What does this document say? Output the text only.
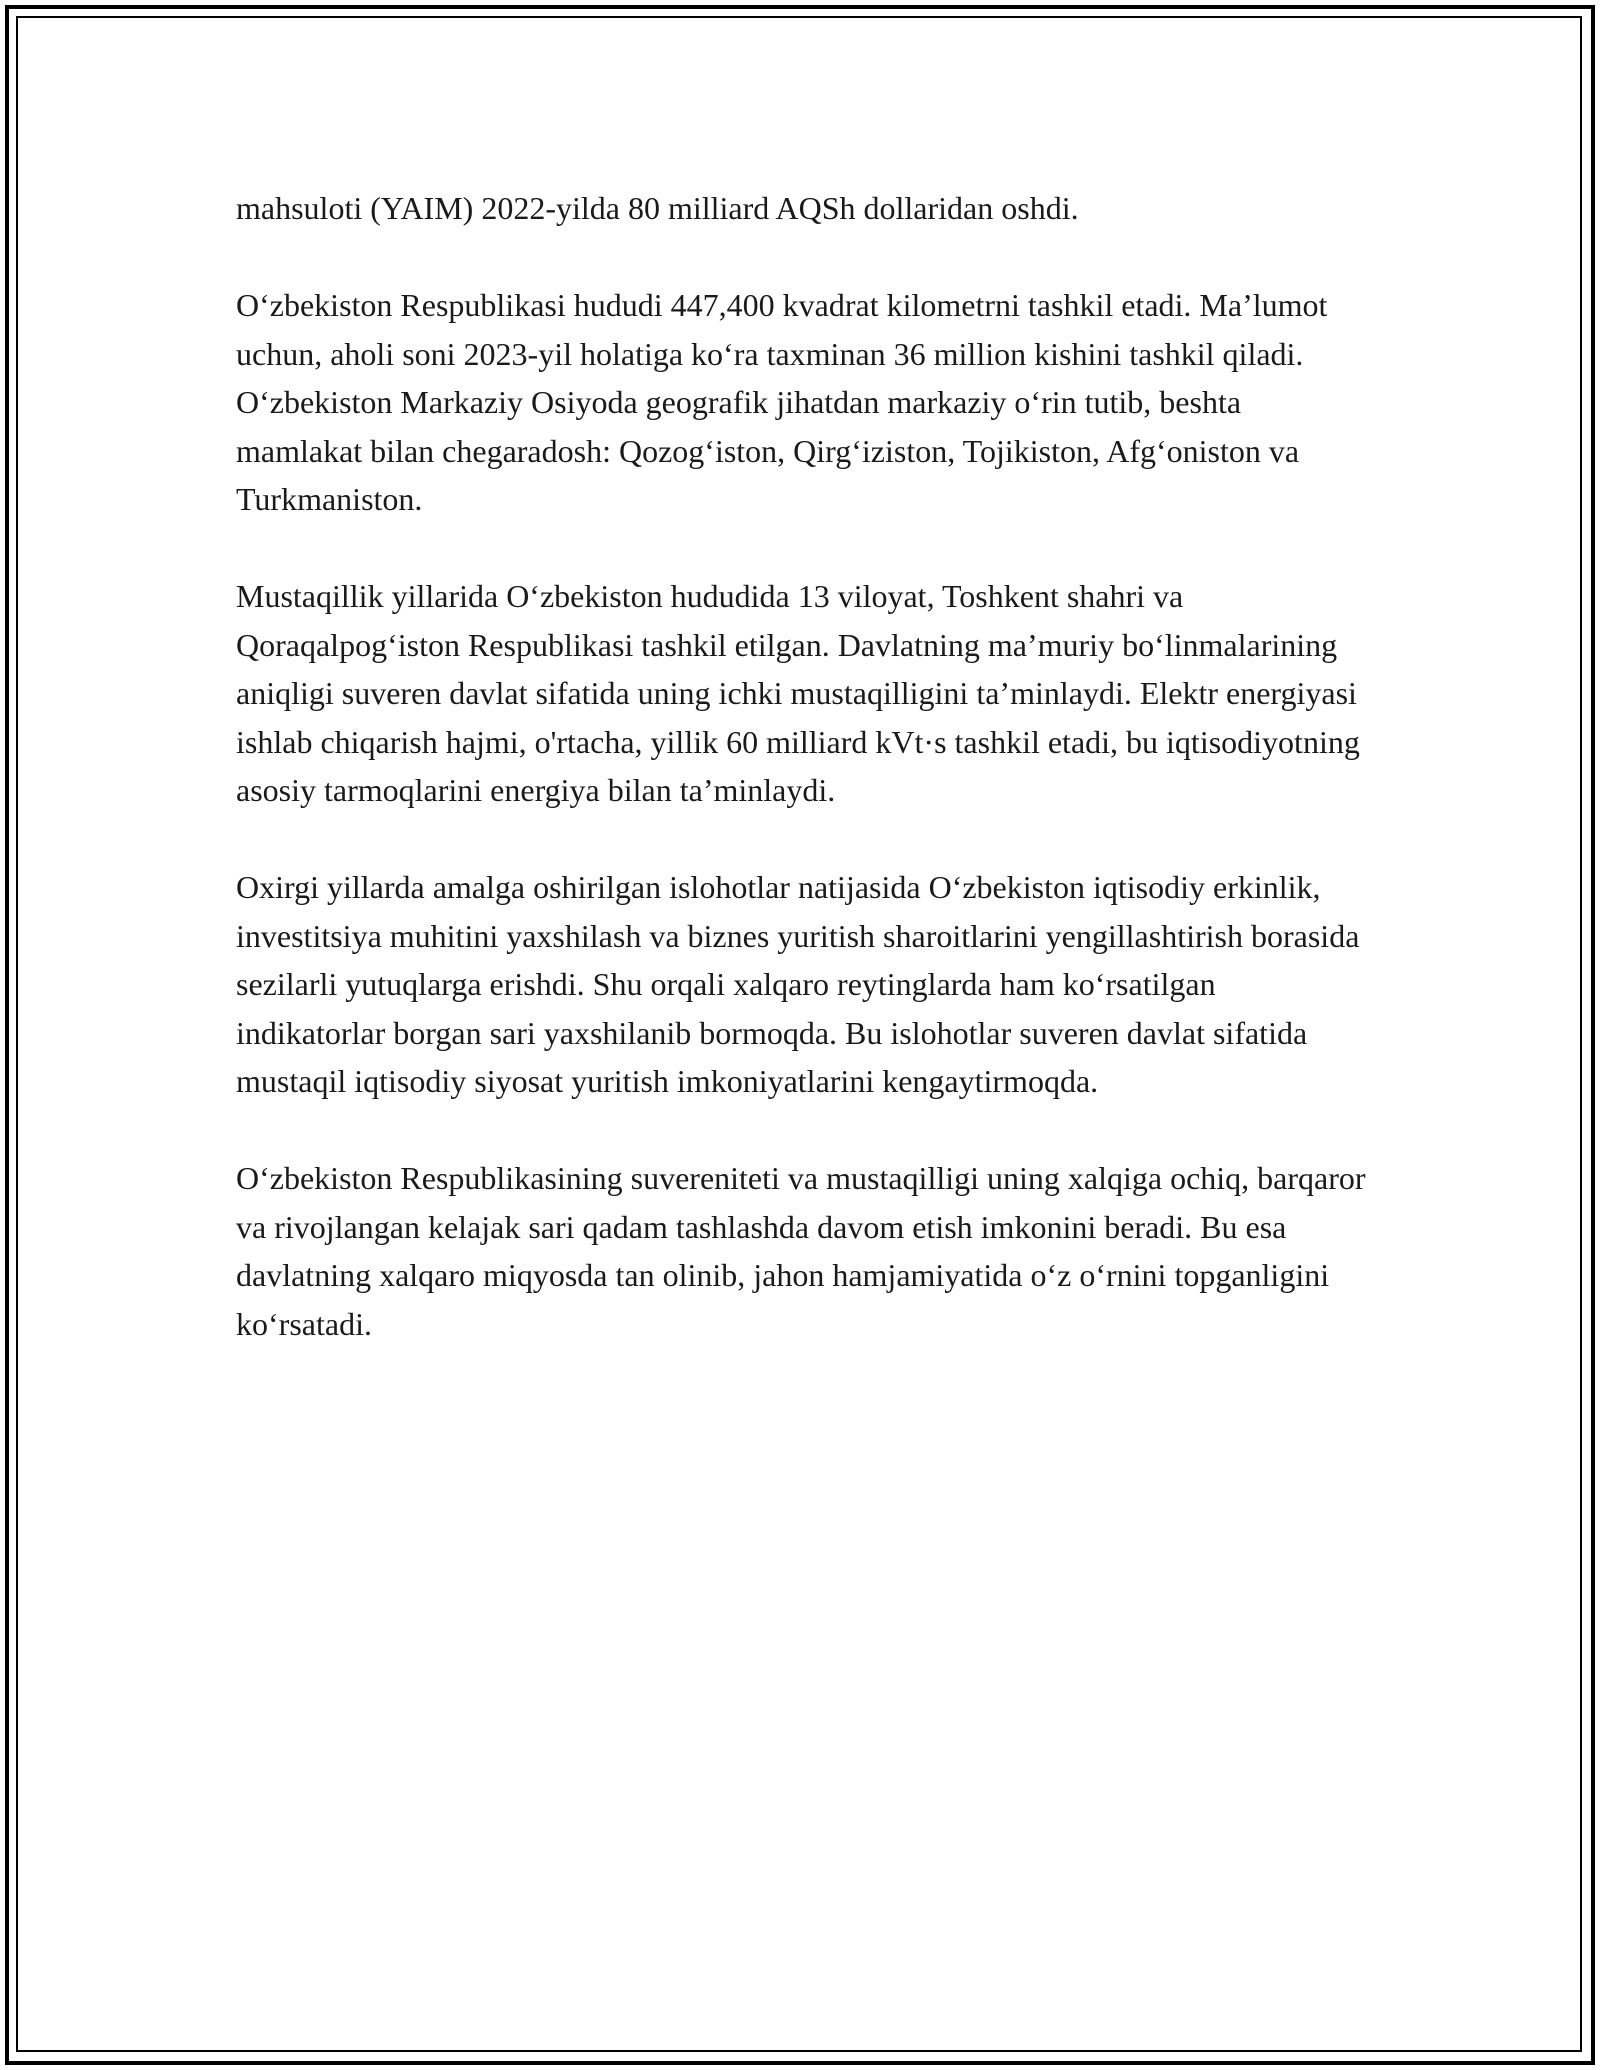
mahsuloti (YAIM) 2022-yilda 80 milliard AQSh dollaridan oshdi.

O‘zbekiston Respublikasi hududi 447,400 kvadrat kilometrni tashkil etadi. Ma’lumot uchun, aholi soni 2023-yil holatiga ko‘ra taxminan 36 million kishini tashkil qiladi. O‘zbekiston Markaziy Osiyoda geografik jihatdan markaziy o‘rin tutib, beshta mamlakat bilan chegaradosh: Qozog‘iston, Qirg‘iziston, Tojikiston, Afg‘oniston va Turkmaniston.

Mustaqillik yillarida O‘zbekiston hududida 13 viloyat, Toshkent shahri va Qoraqalpog‘iston Respublikasi tashkil etilgan. Davlatning ma’muriy bo‘linmalarining aniqligi suveren davlat sifatida uning ichki mustaqilligini ta’minlaydi. Elektr energiyasi ishlab chiqarish hajmi, o'rtacha, yillik 60 milliard kVt·s tashkil etadi, bu iqtisodiyotning asosiy tarmoqlarini energiya bilan ta’minlaydi.

Oxirgi yillarda amalga oshirilgan islohotlar natijasida O‘zbekiston iqtisodiy erkinlik, investitsiya muhitini yaxshilash va biznes yuritish sharoitlarini yengillashtirish borasida sezilarli yutuqlarga erishdi. Shu orqali xalqaro reytinglarda ham ko‘rsatilgan indikatorlar borgan sari yaxshilanib bormoqda. Bu islohotlar suveren davlat sifatida mustaqil iqtisodiy siyosat yuritish imkoniyatlarini kengaytirmoqda.

O‘zbekiston Respublikasining suvereniteti va mustaqilligi uning xalqiga ochiq, barqaror va rivojlangan kelajak sari qadam tashlashda davom etish imkonini beradi. Bu esa davlatning xalqaro miqyosda tan olinib, jahon hamjamiyatida o‘z o‘rnini topganligini ko‘rsatadi.
